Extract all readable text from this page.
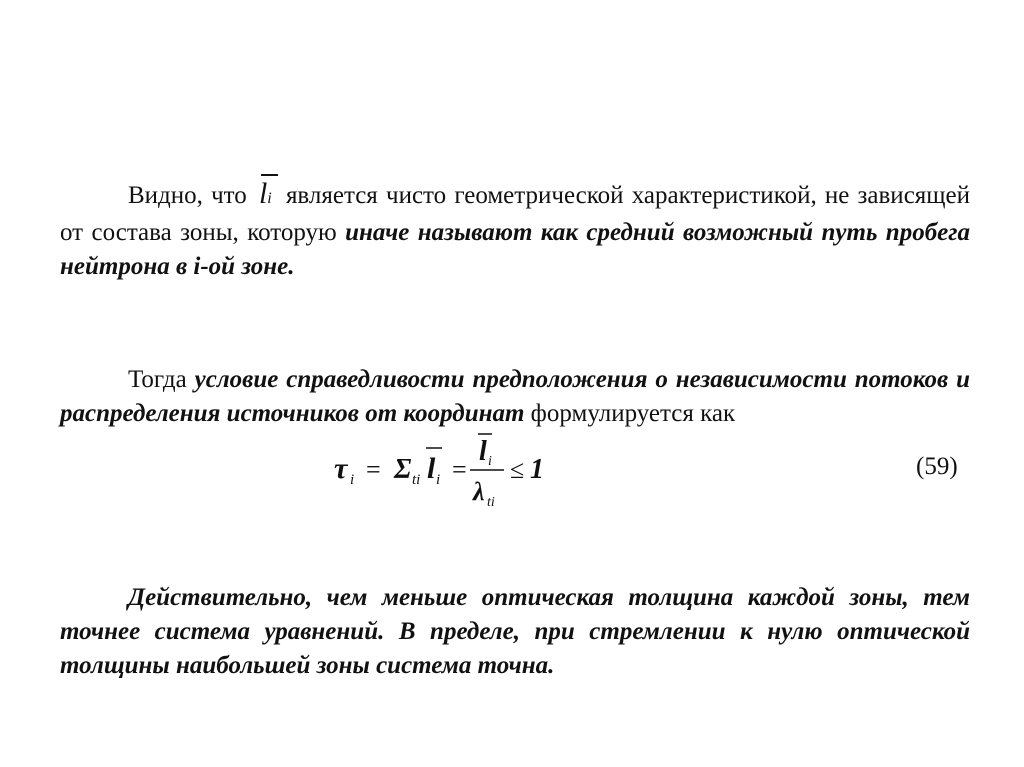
Видно, что li является чисто геометрической характеристикой, не зависящей от состава зоны, которую иначе называют как средний возможный путь пробега нейтрона в i-ой зоне.

Тогда условие справедливости предположения о независимости потоков и распределения источников от координат формулируется как

τ i = Σ ti l i =
l i
λ ti
≤ 1	(59)

Действительно, чем меньше оптическая толщина каждой зоны, тем точнее система уравнений. В пределе, при стремлении к нулю оптической толщины наибольшей зоны система точна.
